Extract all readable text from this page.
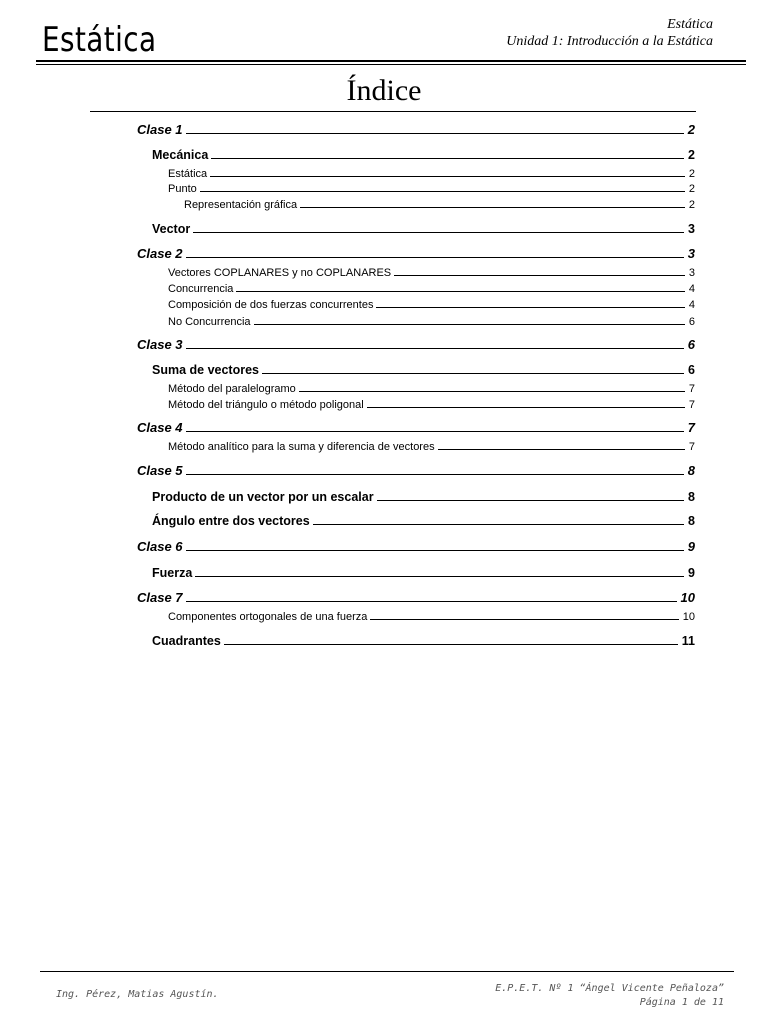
Estática	Estática
Unidad 1: Introducción a la Estática
Índice
Clase 1	2
Mecánica	2
Estática	2
Punto	2
Representación gráfica	2
Vector	3
Clase 2	3
Vectores COPLANARES y no COPLANARES	3
Concurrencia	4
Composición de dos fuerzas concurrentes	4
No Concurrencia	6
Clase 3	6
Suma de vectores	6
Método del paralelogramo	7
Método del triángulo o método poligonal	7
Clase 4	7
Método analítico para la suma y diferencia de vectores	7
Clase 5	8
Producto de un vector por un escalar	8
Ángulo entre dos vectores	8
Clase 6	9
Fuerza	9
Clase 7	10
Componentes ortogonales de una fuerza	10
Cuadrantes	11
Ing. Pérez, Matias Agustín.
E.P.E.T. Nº 1 “Ángel Vicente Peñaloza”
Página 1 de 11
